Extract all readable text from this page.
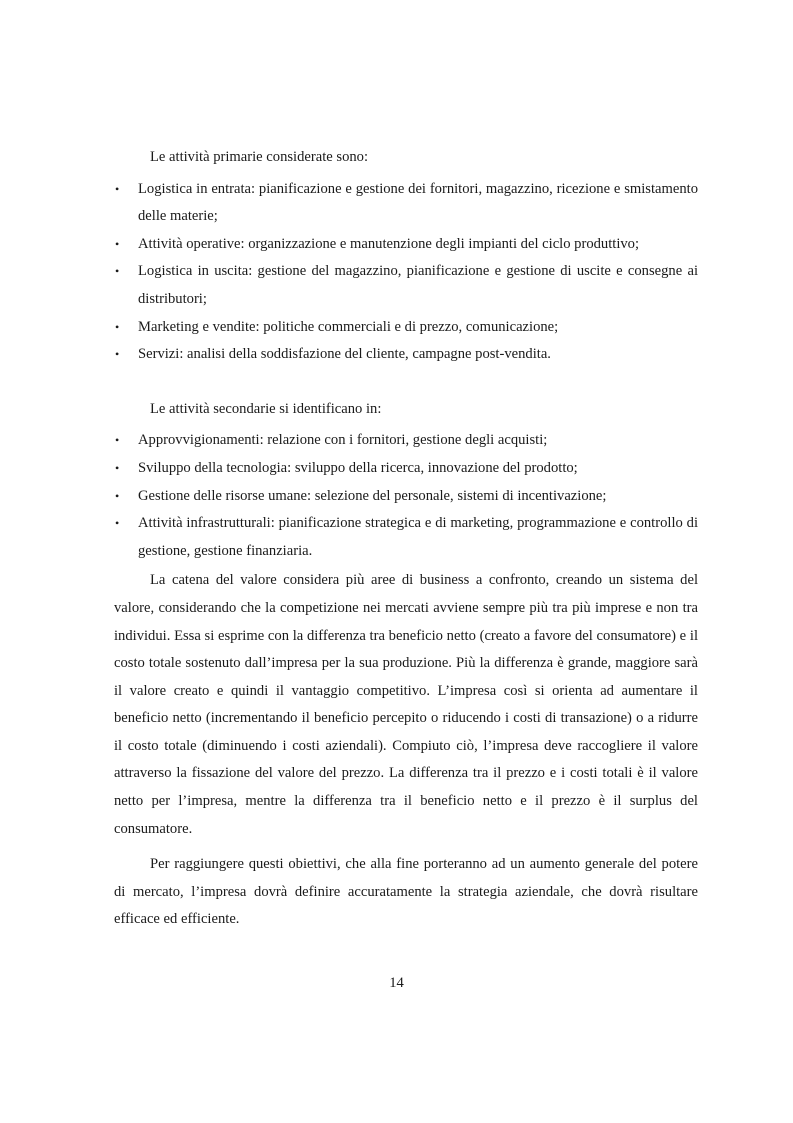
Le attività primarie considerate sono:

• Logistica in entrata: pianificazione e gestione dei fornitori, magazzino, ricezione e smistamento delle materie;
• Attività operative: organizzazione e manutenzione degli impianti del ciclo produttivo;
• Logistica in uscita: gestione del magazzino, pianificazione e gestione di uscite e consegne ai distributori;
• Marketing e vendite: politiche commerciali e di prezzo, comunicazione;
• Servizi: analisi della soddisfazione del cliente, campagne post-vendita.

Le attività secondarie si identificano in:

• Approvvigionamenti: relazione con i fornitori, gestione degli acquisti;
• Sviluppo della tecnologia: sviluppo della ricerca, innovazione del prodotto;
• Gestione delle risorse umane: selezione del personale, sistemi di incentivazione;
• Attività infrastrutturali: pianificazione strategica e di marketing, programmazione e controllo di gestione, gestione finanziaria.

La catena del valore considera più aree di business a confronto, creando un sistema del valore, considerando che la competizione nei mercati avviene sempre più tra più imprese e non tra individui. Essa si esprime con la differenza tra beneficio netto (creato a favore del consumatore) e il costo totale sostenuto dall’impresa per la sua produzione. Più la differenza è grande, maggiore sarà il valore creato e quindi il vantaggio competitivo. L’impresa così si orienta ad aumentare il beneficio netto (incrementando il beneficio percepito o riducendo i costi di transazione) o a ridurre il costo totale (diminuendo i costi aziendali). Compiuto ciò, l’impresa deve raccogliere il valore attraverso la fissazione del valore del prezzo. La differenza tra il prezzo e i costi totali è il valore netto per l’impresa, mentre la differenza tra il beneficio netto e il prezzo è il surplus del consumatore.

Per raggiungere questi obiettivi, che alla fine porteranno ad un aumento generale del potere di mercato, l’impresa dovrà definire accuratamente la strategia aziendale, che dovrà risultare efficace ed efficiente.

14
